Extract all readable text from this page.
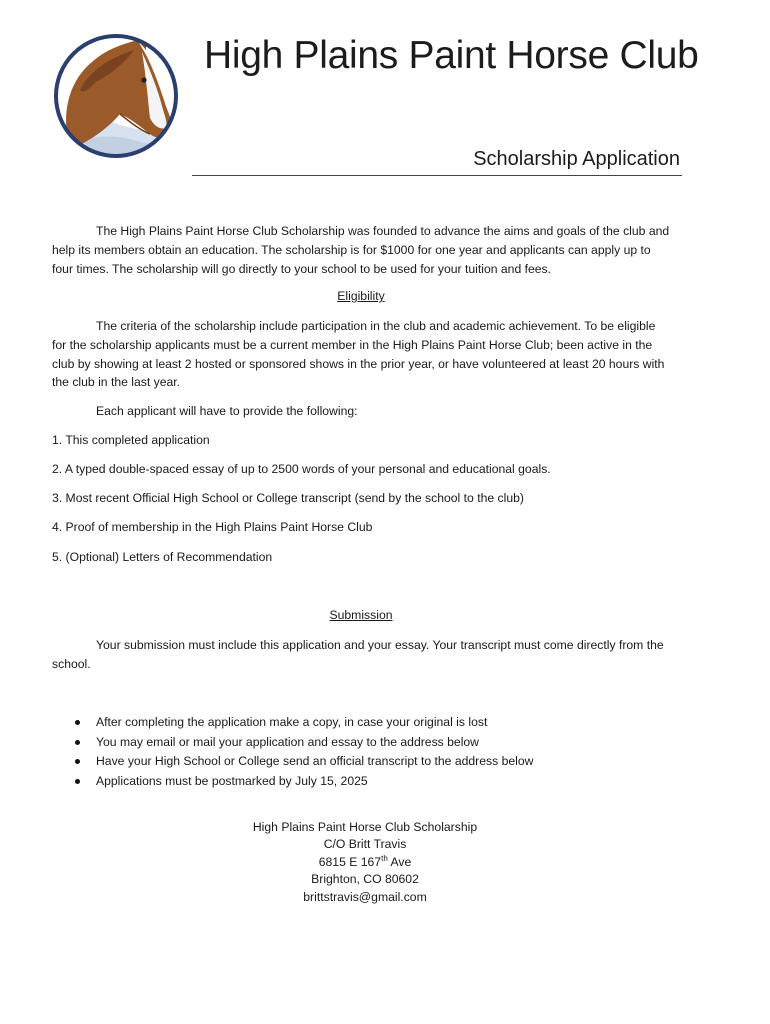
High Plains Paint Horse Club
Scholarship Application

The High Plains Paint Horse Club Scholarship was founded to advance the aims and goals of the club and help its members obtain an education. The scholarship is for $1000 for one year and applicants can apply up to four times. The scholarship will go directly to your school to be used for your tuition and fees.

Eligibility

The criteria of the scholarship include participation in the club and academic achievement. To be eligible for the scholarship applicants must be a current member in the High Plains Paint Horse Club; been active in the club by showing at least 2 hosted or sponsored shows in the prior year, or have volunteered at least 20 hours with the club in the last year.

Each applicant will have to provide the following:

1. This completed application

2. A typed double-spaced essay of up to 2500 words of your personal and educational goals.

3. Most recent Official High School or College transcript (send by the school to the club)

4. Proof of membership in the High Plains Paint Horse Club

5. (Optional) Letters of Recommendation

Submission

Your submission must include this application and your essay. Your transcript must come directly from the school.

After completing the application make a copy, in case your original is lost
You may email or mail your application and essay to the address below
Have your High School or College send an official transcript to the address below
Applications must be postmarked by July 15, 2025
High Plains Paint Horse Club Scholarship
C/O Britt Travis
6815 E 167th Ave
Brighton, CO 80602
brittstravis@gmail.com
